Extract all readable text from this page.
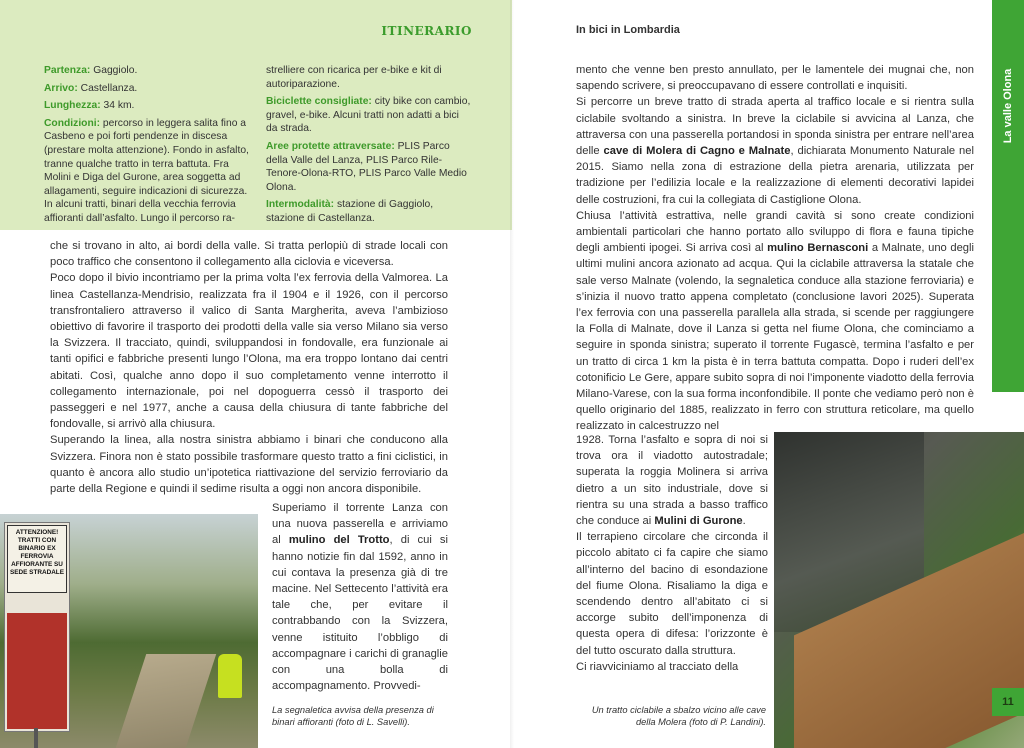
ITINERARIO

Partenza: Gaggiolo.

Arrivo: Castellanza.

Lunghezza: 34 km.

Condizioni: percorso in leggera salita fino a Casbeno e poi forti pendenze in discesa (prestare molta attenzione). Fondo in asfalto, tranne qualche tratto in terra battuta. Fra Molini e Diga del Gurone, area soggetta ad allagamenti, seguire indicazioni di sicurezza. In alcuni tratti, binari della vecchia ferrovia affioranti dall’asfalto. Lungo il percorso ra-

strelliere con ricarica per e-bike e kit di autoriparazione.

Biciclette consigliate: city bike con cambio, gravel, e-bike. Alcuni tratti non adatti a bici da strada.

Aree protette attraversate: PLIS Parco della Valle del Lanza, PLIS Parco Rile-Tenore-Olona-RTO, PLIS Parco Valle Medio Olona.

Intermodalità: stazione di Gaggiolo, stazione di Castellanza.

che si trovano in alto, ai bordi della valle. Si tratta perlopiù di strade locali con poco traffico che consentono il collegamento alla ciclovia e viceversa.

Poco dopo il bivio incontriamo per la prima volta l’ex ferrovia della Valmorea. La linea Castellanza-Mendrisio, realizzata fra il 1904 e il 1926, con il percorso transfrontaliero attraverso il valico di Santa Margherita, aveva l’ambizioso obiettivo di favorire il trasporto dei prodotti della valle sia verso Milano sia verso la Svizzera. Il tracciato, quindi, sviluppandosi in fondovalle, era funzionale ai tanti opifici e fabbriche presenti lungo l’Olona, ma era troppo lontano dai centri abitati. Così, qualche anno dopo il suo completamento venne interrotto il collegamento internazionale, poi nel dopoguerra cessò il trasporto dei passeggeri e nel 1977, anche a causa della chiusura di tante fabbriche del fondovalle, si arrivò alla chiusura.

Superando la linea, alla nostra sinistra abbiamo i binari che conducono alla Svizzera. Finora non è stato possibile trasformare questo tratto a fini ciclistici, in quanto è ancora allo studio un’ipotetica riattivazione del servizio ferroviario da parte della Regione e quindi il sedime risulta a oggi non ancora disponibile.

Superiamo il torrente Lanza con una nuova passerella e arriviamo al mulino del Trotto, di cui si hanno notizie fin dal 1592, anno in cui contava la presenza già di tre macine. Nel Settecento l’attività era tale che, per evitare il contrabbando con la Svizzera, venne istituito l’obbligo di accompagnare i carichi di granaglie con una bolla di accompagnamento. Provvedi-

ATTENZIONE! TRATTI CON BINARIO EX FERROVIA AFFIORANTE SU SEDE STRADALE
La segnaletica avvisa della presenza di binari affioranti (foto di L. Savelli).
In bici in Lombardia
La valle Olona

mento che venne ben presto annullato, per le lamentele dei mugnai che, non sapendo scrivere, si preoccupavano di essere controllati e inquisiti.

Si percorre un breve tratto di strada aperta al traffico locale e si rientra sulla ciclabile svoltando a sinistra. In breve la ciclabile si avvicina al Lanza, che attraversa con una passerella portandosi in sponda sinistra per entrare nell’area delle cave di Molera di Cagno e Malnate, dichiarata Monumento Naturale nel 2015. Siamo nella zona di estrazione della pietra arenaria, utilizzata per tradizione per l’edilizia locale e la realizzazione di elementi decorativi lapidei delle costruzioni, fra cui la collegiata di Castiglione Olona.

Chiusa l’attività estrattiva, nelle grandi cavità si sono create condizioni ambientali particolari che hanno portato allo sviluppo di flora e fauna tipiche degli ambienti ipogei. Si arriva così al mulino Bernasconi a Malnate, uno degli ultimi mulini ancora azionato ad acqua. Qui la ciclabile attraversa la statale che sale verso Malnate (volendo, la segnaletica conduce alla stazione ferroviaria) e s’inizia il nuovo tratto appena completato (conclusione lavori 2025). Superata l’ex ferrovia con una passerella parallela alla strada, si scende per raggiungere la Folla di Malnate, dove il Lanza si getta nel fiume Olona, che cominciamo a seguire in sponda sinistra; superato il torrente Fugascè, termina l’asfalto e per un tratto di circa 1 km la pista è in terra battuta compatta. Dopo i ruderi dell’ex cotonificio Le Gere, appare subito sopra di noi l’imponente viadotto della ferrovia Milano-Varese, con la sua forma inconfondibile. Il ponte che vediamo però non è quello originario del 1885, realizzato in ferro con struttura reticolare, ma quello realizzato in calcestruzzo nel

1928. Torna l’asfalto e sopra di noi si trova ora il viadotto autostradale; superata la roggia Molinera si arriva dietro a un sito industriale, dove si rientra su una strada a basso traffico che conduce ai Mulini di Gurone.

Il terrapieno circolare che circonda il piccolo abitato ci fa capire che siamo all’interno del bacino di esondazione del fiume Olona. Risaliamo la diga e scendendo dentro all’abitato ci si accorge subito dell’imponenza di questa opera di difesa: l’orizzonte è del tutto oscurato dalla struttura.

Ci riavviciniamo al tracciato della

Un tratto ciclabile a sbalzo vicino alle cave della Molera (foto di P. Landini).
11
